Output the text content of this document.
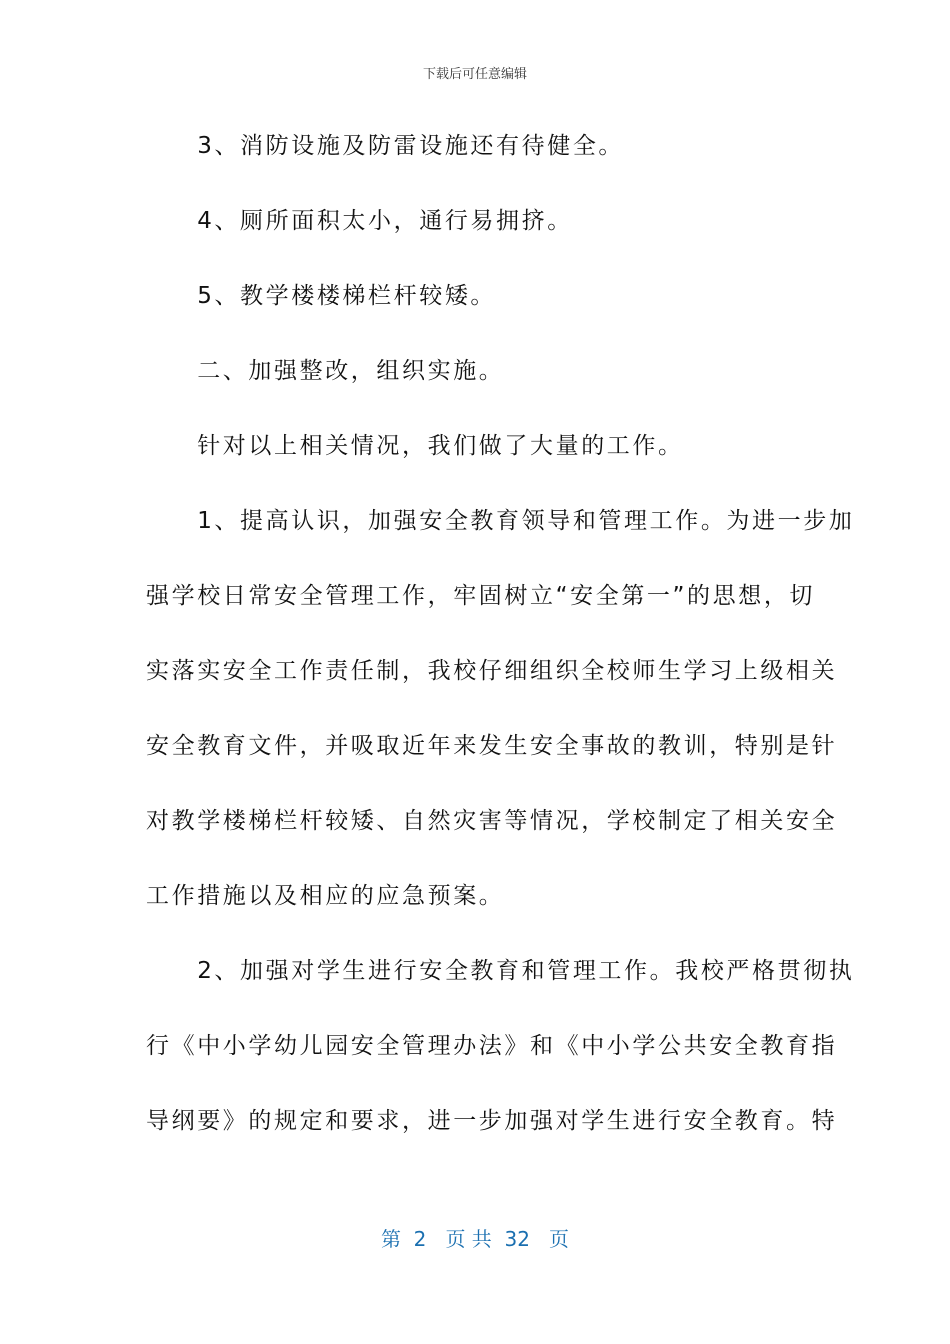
下载后可任意编辑
　　3、消防设施及防雷设施还有待健全。
　　4、厕所面积太小，通行易拥挤。
　　5、教学楼楼梯栏杆较矮。
　　二、加强整改，组织实施。
　　针对以上相关情况，我们做了大量的工作。
　　1、提高认识，加强安全教育领导和管理工作。为进一步加
强学校日常安全管理工作，牢固树立“安全第一”的思想，切
实落实安全工作责任制，我校仔细组织全校师生学习上级相关
安全教育文件，并吸取近年来发生安全事故的教训，特别是针
对教学楼梯栏杆较矮、自然灾害等情况，学校制定了相关安全
工作措施以及相应的应急预案。
　　2、加强对学生进行安全教育和管理工作。我校严格贯彻执
行《中小学幼儿园安全管理办法》和《中小学公共安全教育指
导纲要》的规定和要求，进一步加强对学生进行安全教育。特
第  2   页 共  32   页
